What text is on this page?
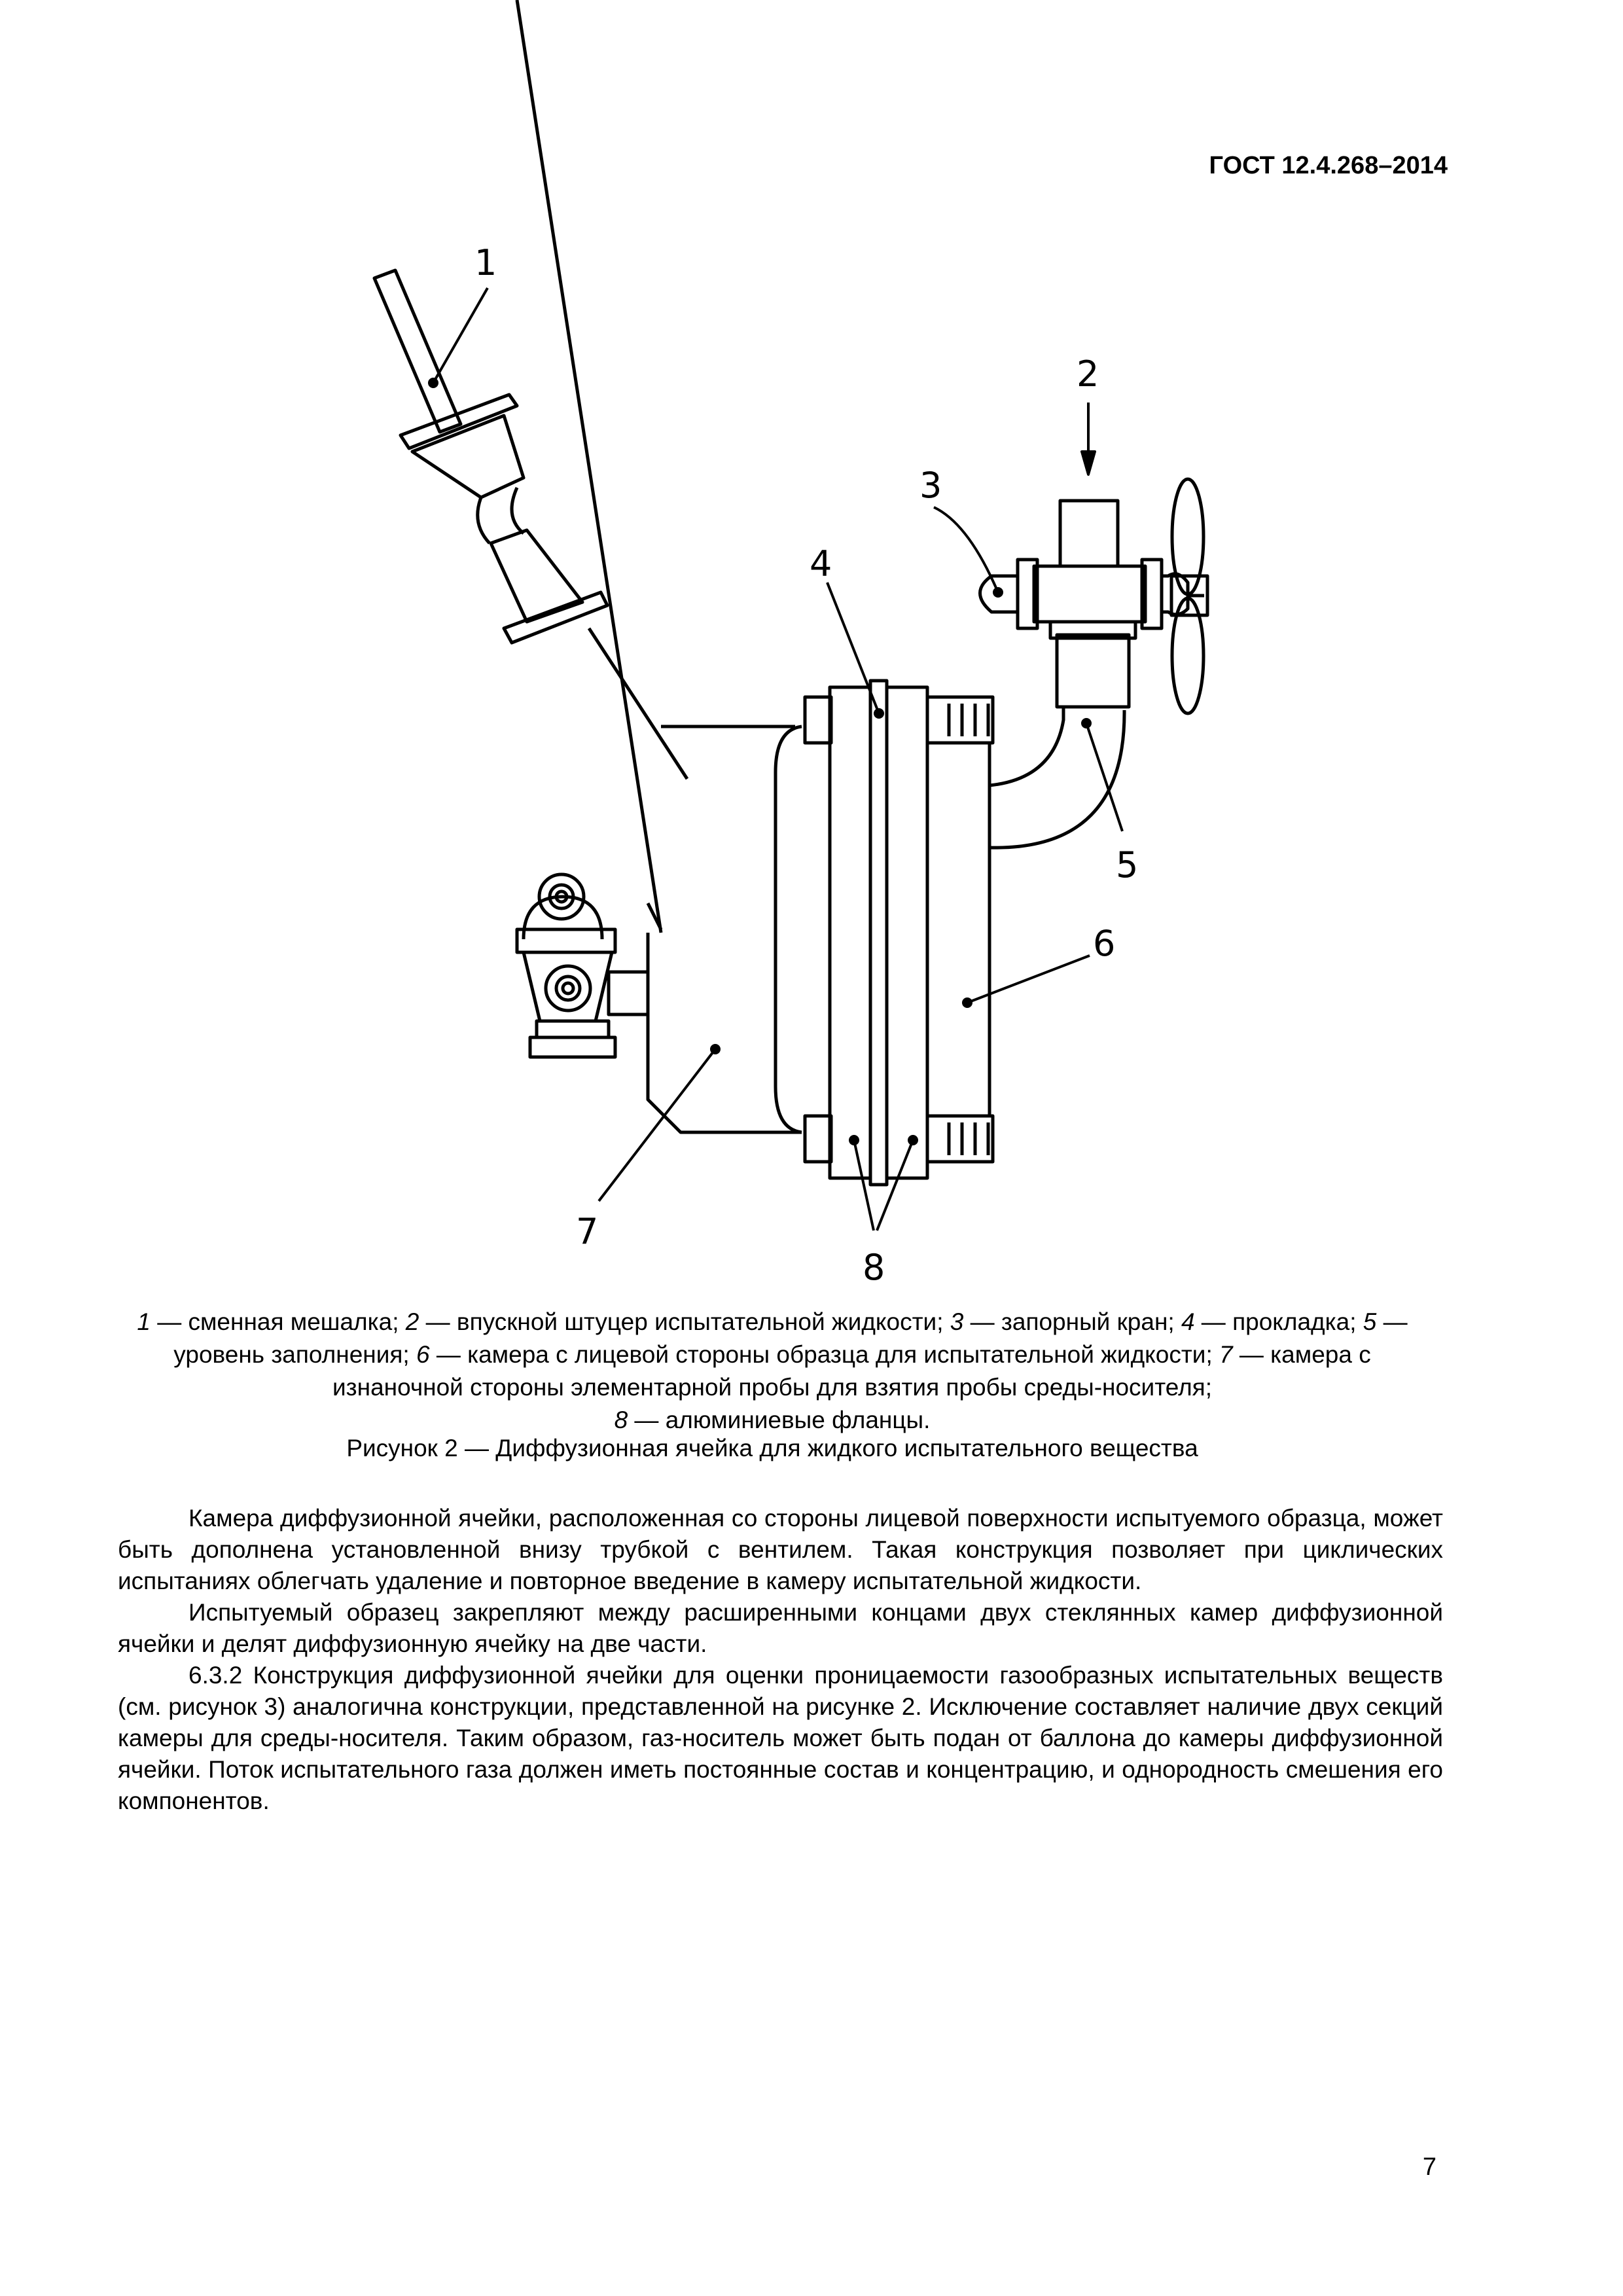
ГОСТ 12.4.268–2014
1
2
3
4
5
6
7
8
1 — сменная мешалка; 2 — впускной штуцер испытательной жидкости; 3 — запорный кран; 4 — прокладка; 5 — уровень заполнения; 6 — камера с лицевой стороны образца для испытательной жидкости; 7 — камера с изнаночной стороны элементарной пробы для взятия пробы среды-носителя;
8 — алюминиевые фланцы.
Рисунок 2 — Диффузионная ячейка для жидкого испытательного вещества

Камера диффузионной ячейки, расположенная со стороны лицевой поверхности испытуемого образца, может быть дополнена установленной внизу трубкой с вентилем. Такая конструкция позволяет при циклических испытаниях облегчать удаление и повторное введение в камеру испытательной жидкости.

Испытуемый образец закрепляют между расширенными концами двух стеклянных камер диффузионной ячейки и делят диффузионную ячейку на две части.

6.3.2 Конструкция диффузионной ячейки для оценки проницаемости газообразных испытательных веществ (см. рисунок 3) аналогична конструкции, представленной на рисунке 2. Исключение составляет наличие двух секций камеры для среды-носителя. Таким образом, газ-носитель может быть подан от баллона до камеры диффузионной ячейки. Поток испытательного газа должен иметь постоянные состав и концентрацию, и однородность смешения его компонентов.

7
